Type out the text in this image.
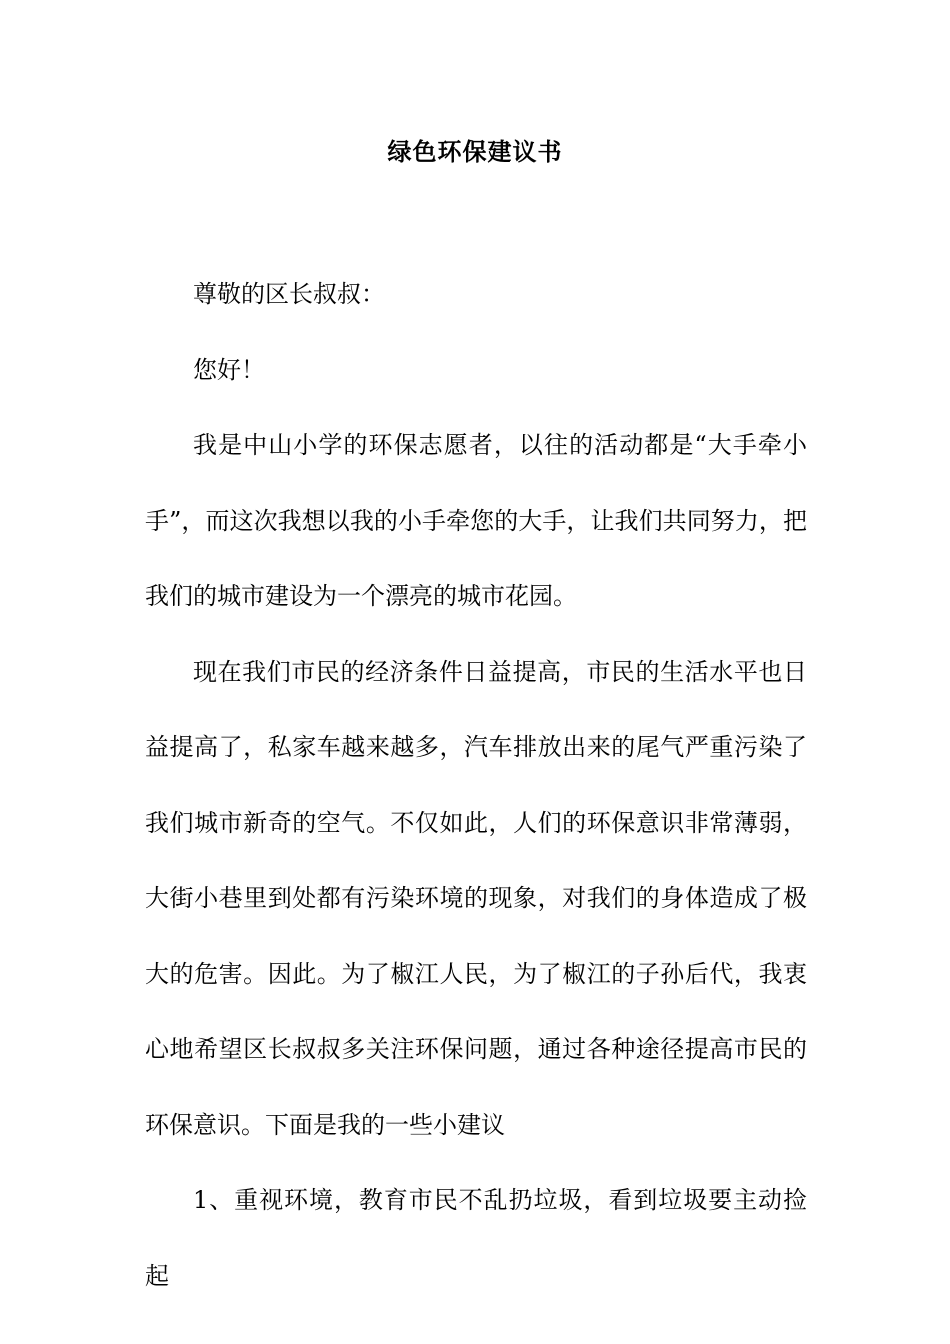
绿色环保建议书

尊敬的区长叔叔：

您好！

我是中山小学的环保志愿者，以往的活动都是“大手牵小手”，而这次我想以我的小手牵您的大手，让我们共同努力，把我们的城市建设为一个漂亮的城市花园。

现在我们市民的经济条件日益提高，市民的生活水平也日益提高了，私家车越来越多，汽车排放出来的尾气严重污染了我们城市新奇的空气。不仅如此，人们的环保意识非常薄弱，大街小巷里到处都有污染环境的现象，对我们的身体造成了极大的危害。因此。为了椒江人民，为了椒江的子孙后代，我衷心地希望区长叔叔多关注环保问题，通过各种途径提高市民的环保意识。下面是我的一些小建议

1、重视环境，教育市民不乱扔垃圾，看到垃圾要主动捡起
